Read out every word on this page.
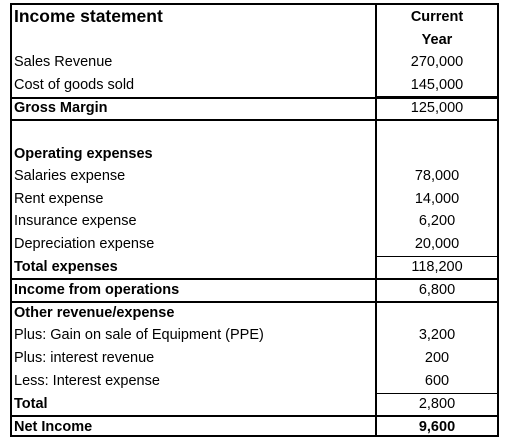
Income statement	Current
Year
Sales Revenue	270,000
Cost of goods sold	145,000
Gross Margin	125,000
Operating expenses
Salaries expense	78,000
Rent expense	14,000
Insurance expense	6,200
Depreciation expense	20,000
Total expenses	118,200
Income from operations	6,800
Other revenue/expense
Plus: Gain on sale of Equipment (PPE)	3,200
Plus: interest revenue	200
Less: Interest expense	600
Total	2,800
Net Income	9,600
